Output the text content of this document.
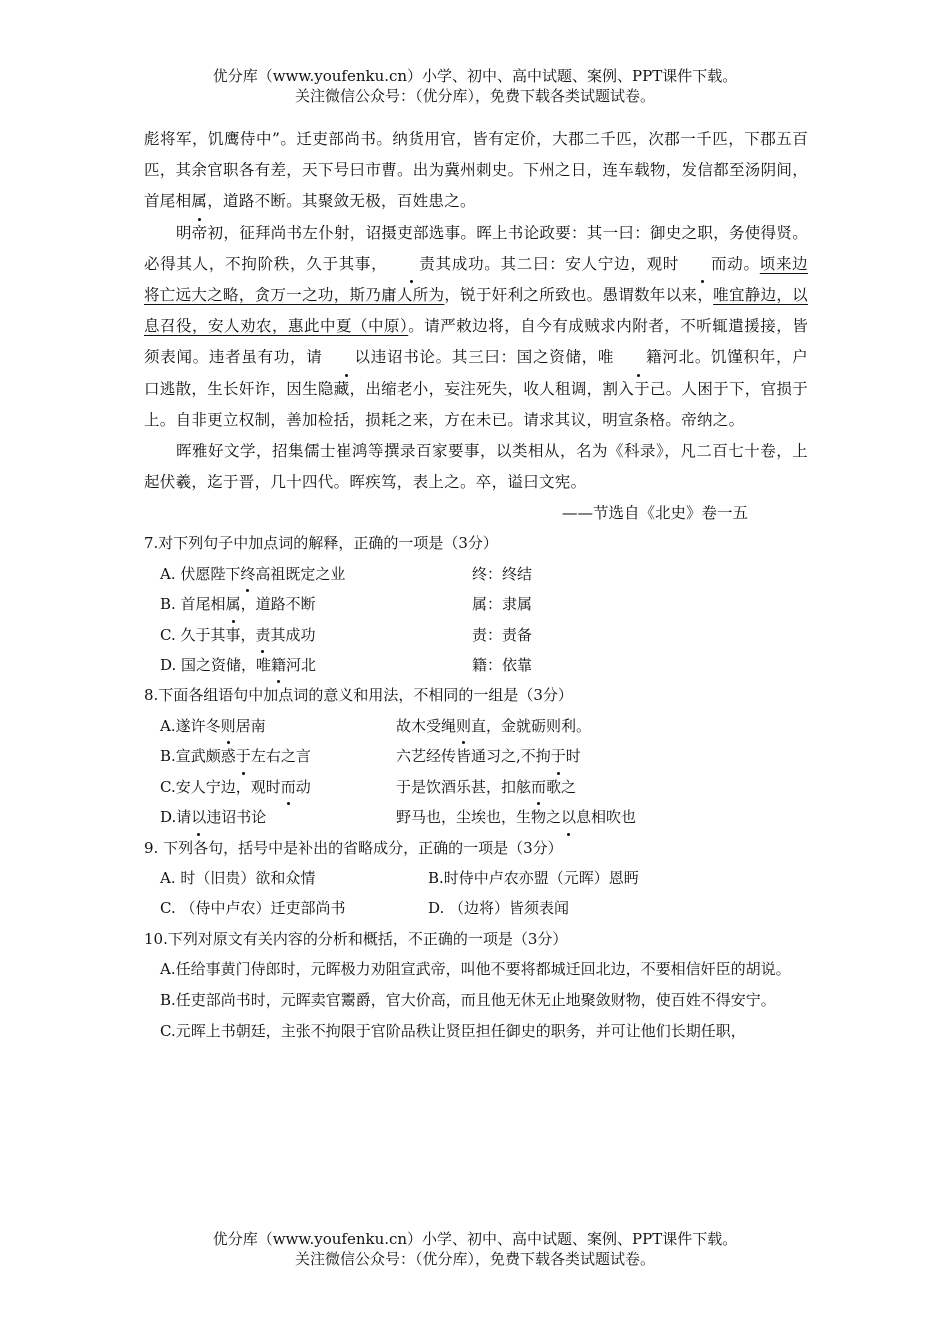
优分库（www.youfenku.cn）小学、初中、高中试题、案例、PPT课件下载。
关注微信公众号：（优分库），免费下载各类试题试卷。

彪将军，饥鹰侍中”。迁吏部尚书。纳货用官，皆有定价，大郡二千匹，次郡一千匹，下郡五百匹，其余官职各有差，天下号曰市曹。出为冀州刺史。下州之日，连车载物，发信都至汤阴间，首尾相属，道路不断。其聚敛无极，百姓患之。

明帝初，征拜尚书左仆射，诏摄吏部选事。晖上书论政要：其一曰：御史之职，务使得贤。必得其人，不拘阶秩，久于其事， 责其成功。其二曰：安人宁边，观时 而动。顷来边将亡远大之略，贪万一之功，斯乃庸人所为，锐于奸利之所致也。愚谓数年以来，唯宜静边，以息召役，安人劝农，惠此中夏（中原）。请严敕边将，自今有成贼求内附者，不听辄遣援接，皆须表闻。违者虽有功，请 以违诏书论。其三曰：国之资储，唯 籍河北。饥馑积年，户口逃散，生长奸诈，因生隐藏，出缩老小，妄注死失，收人租调，割入于己。人困于下，官损于上。自非更立权制，善加检括，损耗之来，方在未已。请求其议，明宣条格。帝纳之。

晖雅好文学，招集儒士崔鸿等撰录百家要事，以类相从，名为《科录》，凡二百七十卷，上起伏羲，迄于晋，几十四代。晖疾笃，表上之。卒，谥曰文宪。

——节选自《北史》卷一五

7.对下列句子中加点词的解释，正确的一项是（3分）

A. 伏愿陛下终高祖既定之业	终：终结
B. 首尾相属，道路不断	属：隶属
C. 久于其事，责其成功	责：责备
D. 国之资储，唯籍河北	籍：依靠

8.下面各组语句中加点词的意义和用法，不相同的一组是（3分）

A.遂许冬则居南	故木受绳则直，金就砺则利。
B.宣武颇惑于左右之言	六艺经传皆通习之,不拘于时
C.安人宁边，观时而动	于是饮酒乐甚，扣舷而歌之
D.请以违诏书论	野马也，尘埃也，生物之以息相吹也

9. 下列各句，括号中是补出的省略成分，正确的一项是（3分）

A. 时（旧贵）欲和众情	B.时侍中卢农亦盟（元晖）恩眄
C. （侍中卢农）迁吏部尚书	D. （边将）皆须表闻

10.下列对原文有关内容的分析和概括，不正确的一项是（3分）

A.任给事黄门侍郎时，元晖极力劝阻宣武帝，叫他不要将都城迁回北边，不要相信奸臣的胡说。

B.任吏部尚书时，元晖卖官鬻爵，官大价高，而且他无休无止地聚敛财物，使百姓不得安宁。

C.元晖上书朝廷，主张不拘限于官阶品秩让贤臣担任御史的职务，并可让他们长期任职，

优分库（www.youfenku.cn）小学、初中、高中试题、案例、PPT课件下载。
关注微信公众号：（优分库），免费下载各类试题试卷。
